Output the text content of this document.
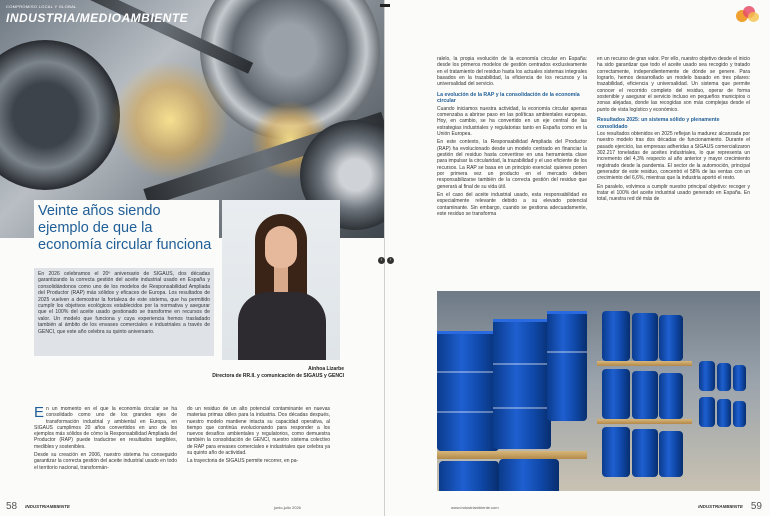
COMPROMISO LOCAL Y GLOBAL
INDUSTRIA/MEDIOAMBIENTE
Veinte años siendo ejemplo de que la economía circular funciona

En 2026 celebramos el 20º aniversario de SIGAUS, dos décadas garantizando la correcta gestión del aceite industrial usado en España y consolidándonos como uno de los modelos de Responsabilidad Ampliada del Productor (RAP) más sólidos y eficaces de Europa. Los resultados de 2025 vuelven a demostrar la fortaleza de este sistema, que ha permitido cumplir los objetivos ecológicos establecidos por la normativa y asegurar que el 100% del aceite usado gestionado se transforme en recursos de valor. Un modelo que funciona y cuya experiencia hemos trasladado también al ámbito de los envases comerciales e industriales a través de GENCI, que este año celebra su quinto aniversario.

Ainhoa Lizarbe
Directora de RR.II. y comunicación de SIGAUS y GENCI

En un momento en el que la economía circular se ha consolidado como uno de los grandes ejes de transformación industrial y ambiental en Europa, en SIGAUS cumplimos 20 años convertidos en uno de los ejemplos más sólidos de cómo la Responsabilidad Ampliada del Productor (RAP) puede traducirse en resultados tangibles, medibles y sostenibles.

Desde su creación en 2006, nuestro sistema ha conseguido garantizar la correcta gestión del aceite industrial usado en todo el territorio nacional, transformán-

do un residuo de un alto potencial contaminante en nuevas materias primas útiles para la industria. Dos décadas después, nuestro modelo mantiene intacta su capacidad operativa, al tiempo que continúa evolucionando para responder a los nuevos desafíos ambientales y regulatorios, como demuestra también la consolidación de GENCI, nuestro sistema colectivo de RAP para envases comerciales e industriales que celebra ya su quinto año de actividad.

La trayectoria de SIGAUS permite recorrer, en pa-

58 INDUSTRIAMBIENTE	junio-julio 2026

ralelo, la propia evolución de la economía circular en España: desde los primeros modelos de gestión centrados exclusivamente en el tratamiento del residuo hasta los actuales sistemas integrales basados en la trazabilidad, la eficiencia de los recursos y la universalidad del servicio.

La evolución de la RAP y la consolidación de la economía circular

Cuando iniciamos nuestra actividad, la economía circular apenas comenzaba a abrirse paso en las políticas ambientales europeas. Hoy, en cambio, se ha convertido en un eje central de las estrategias industriales y regulatorias tanto en España como en la Unión Europea.

En este contexto, la Responsabilidad Ampliada del Productor (RAP) ha evolucionado desde un modelo centrado en financiar la gestión del residuo hasta convertirse en una herramienta clave para impulsar la circularidad, la trazabilidad y el uso eficiente de los recursos. La RAP se basa en un principio esencial: quienes ponen por primera vez un producto en el mercado deben responsabilizarse también de la correcta gestión del residuo que generará al final de su vida útil.

En el caso del aceite industrial usado, esta responsabilidad es especialmente relevante debido a su elevado potencial contaminante. Sin embargo, cuando se gestiona adecuadamente, este residuo se transforma

en un recurso de gran valor. Por ello, nuestro objetivo desde el inicio ha sido garantizar que todo el aceite usado sea recogido y tratado correctamente, independientemente de dónde se genere. Para lograrlo, hemos desarrollado un modelo basado en tres pilares: trazabilidad, eficiencia y universalidad. Un sistema que permite conocer el recorrido completo del residuo, operar de forma sostenible y asegurar el servicio incluso en pequeños municipios o zonas alejadas, donde las recogidas son más complejas desde el punto de vista logístico y económico.

Resultados 2025: un sistema sólido y plenamente consolidado

Los resultados obtenidos en 2025 reflejan la madurez alcanzada por nuestro modelo tras dos décadas de funcionamiento. Durante el pasado ejercicio, las empresas adheridas a SIGAUS comercializaron 302.217 toneladas de aceites industriales, lo que representa un incremento del 4,3% respecto al año anterior y mayor crecimiento registrado desde la pandemia. El sector de la automoción, principal generador de este residuo, concentró el 58% de las ventas con un crecimiento del 6,6%, mientras que la industria aportó el resto.

En paralelo, volvimos a cumplir nuestro principal objetivo: recoger y tratar el 100% del aceite industrial usado generado en España. En total, nuestra red dé más de

www.industriambiente.com	INDUSTRIAMBIENTE 59
‹	›
